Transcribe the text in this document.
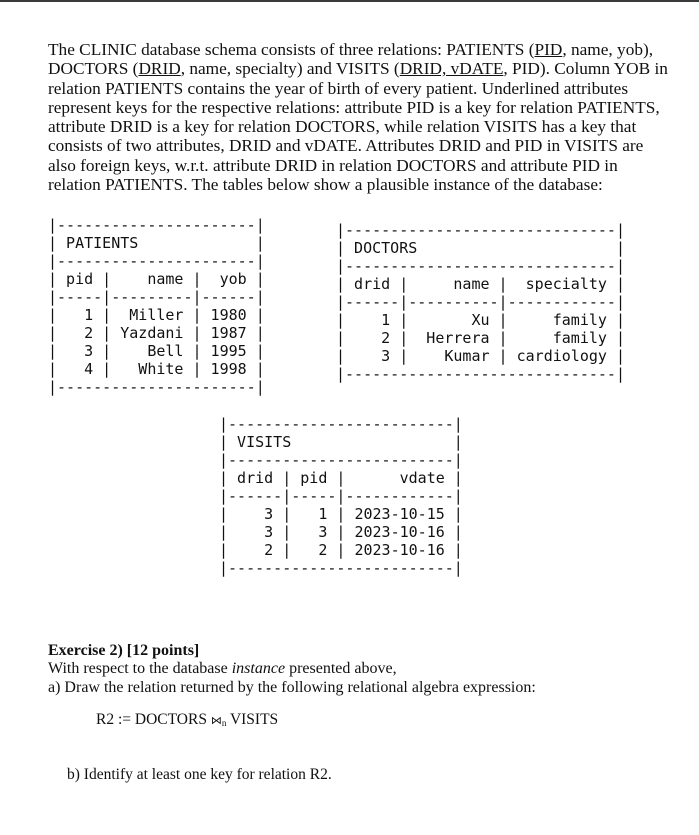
The CLINIC database schema consists of three relations: PATIENTS (PID, name, yob), DOCTORS (DRID, name, specialty) and VISITS (DRID, vDATE, PID). Column YOB in relation PATIENTS contains the year of birth of every patient. Underlined attributes represent keys for the respective relations: attribute PID is a key for relation PATIENTS, attribute DRID is a key for relation DOCTORS, while relation VISITS has a key that consists of two attributes, DRID and vDATE. Attributes DRID and PID in VISITS are also foreign keys, w.r.t. attribute DRID in relation DOCTORS and attribute PID in relation PATIENTS. The tables below show a plausible instance of the database:
|----------------------|
| PATIENTS             |
|----------------------|
| pid |    name |  yob |
|-----|---------|------|
|   1 |  Miller | 1980 |
|   2 | Yazdani | 1987 |
|   3 |    Bell | 1995 |
|   4 |   White | 1998 |
|----------------------|
|------------------------------|
| DOCTORS                      |
|------------------------------|
| drid |     name |  specialty |
|------|----------|------------|
|    1 |       Xu |     family |
|    2 |  Herrera |     family |
|    3 |    Kumar | cardiology |
|------------------------------|
|-------------------------|
| VISITS                  |
|-------------------------|
| drid | pid |      vdate |
|------|-----|------------|
|    3 |   1 | 2023-10-15 |
|    3 |   3 | 2023-10-16 |
|    2 |   2 | 2023-10-16 |
|-------------------------|
Exercise 2) [12 points]
With respect to the database instance presented above,
a) Draw the relation returned by the following relational algebra expression:
R2 := DOCTORS $⋈_n$ VISITS
b) Identify at least one key for relation R2.
